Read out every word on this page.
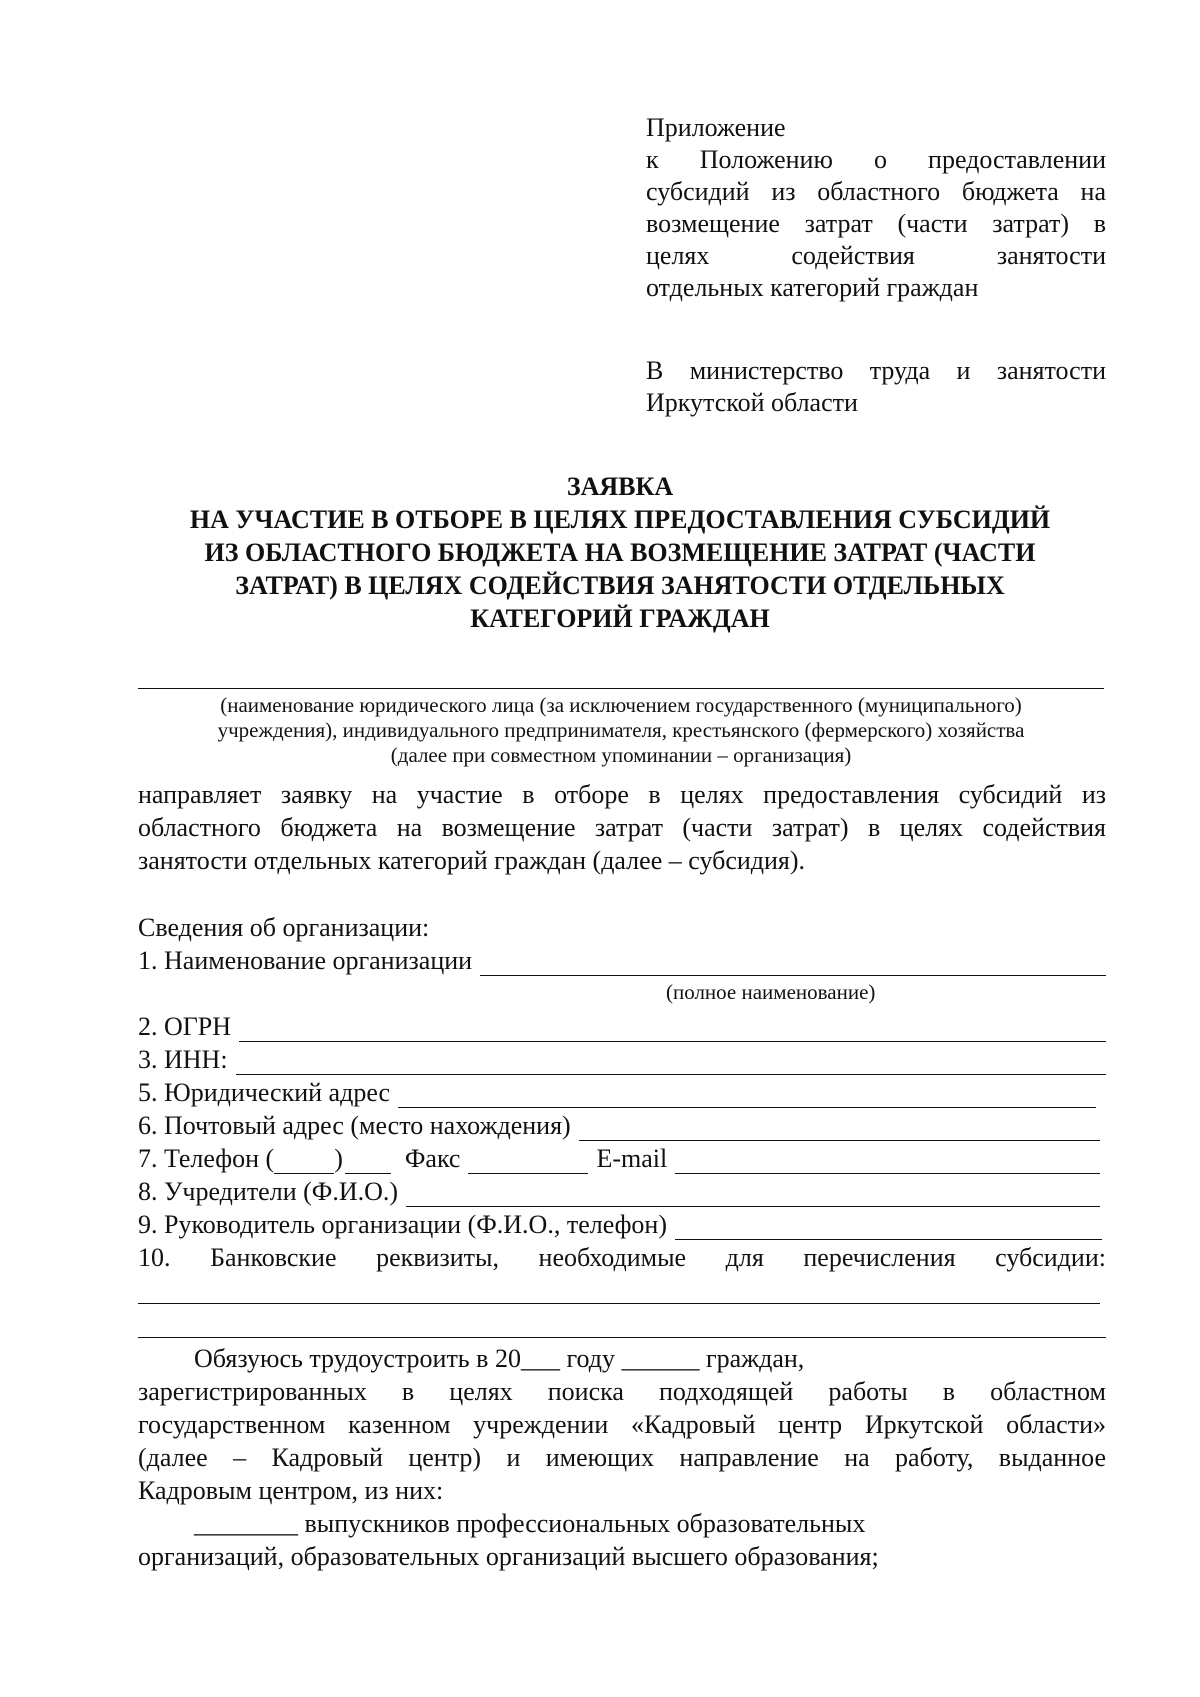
Приложение
к Положению о предоставлении
субсидий из областного бюджета на
возмещение затрат (части затрат) в
целях содействия занятости
отдельных категорий граждан
В министерство труда и занятости
Иркутской области
ЗАЯВКА
НА УЧАСТИЕ В ОТБОРЕ В ЦЕЛЯХ ПРЕДОСТАВЛЕНИЯ СУБСИДИЙ
ИЗ ОБЛАСТНОГО БЮДЖЕТА НА ВОЗМЕЩЕНИЕ ЗАТРАТ (ЧАСТИ
ЗАТРАТ) В ЦЕЛЯХ СОДЕЙСТВИЯ ЗАНЯТОСТИ ОТДЕЛЬНЫХ
КАТЕГОРИЙ ГРАЖДАН
(наименование юридического лица (за исключением государственного (муниципального)
учреждения), индивидуального предпринимателя, крестьянского (фермерского) хозяйства
(далее при совместном упоминании – организация)
направляет заявку на участие в отборе в целях предоставления субсидий из
областного бюджета на возмещение затрат (части затрат) в целях содействия
занятости отдельных категорий граждан (далее – субсидия).
Сведения об организации:
1. Наименование организации
(полное наименование)
2. ОГРН
3. ИНН:
5. Юридический адрес
6. Почтовый адрес (место нахождения)
7. Телефон ( ) Факс	E-mail
8. Учредители (Ф.И.О.)
9. Руководитель организации (Ф.И.О., телефон)
10. Банковские реквизиты, необходимые для перечисления субсидии:
Обязуюсь трудоустроить в 20___ году ______ граждан,
зарегистрированных в целях поиска подходящей работы в областном
государственном казенном учреждении «Кадровый центр Иркутской области»
(далее – Кадровый центр) и имеющих направление на работу, выданное
Кадровым центром, из них:
________ выпускников профессиональных образовательных
организаций, образовательных организаций высшего образования;
